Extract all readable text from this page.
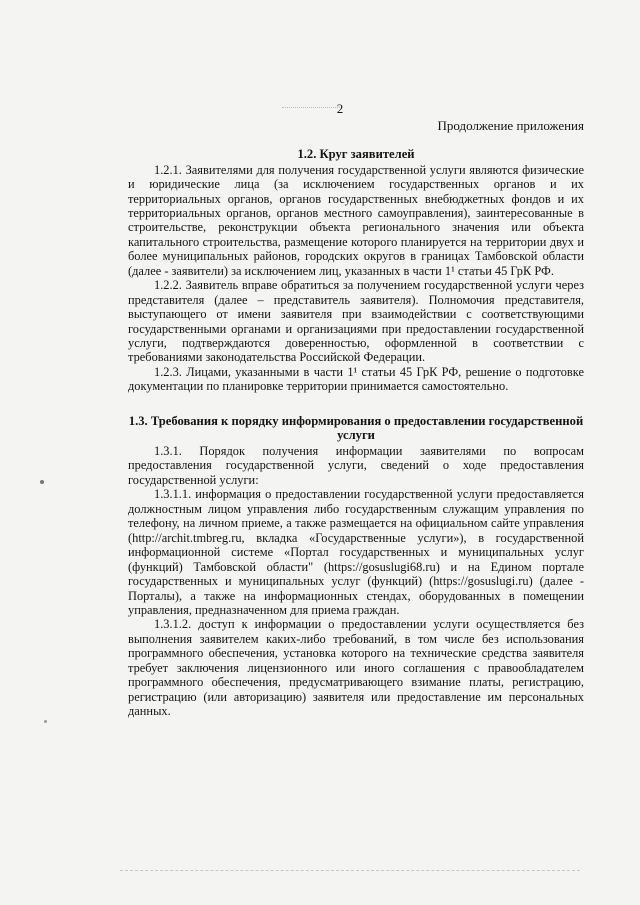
2
Продолжение приложения
1.2. Круг заявителей

1.2.1. Заявителями для получения государственной услуги являются физические и юридические лица (за исключением государственных органов и их территориальных органов, органов государственных внебюджетных фондов и их территориальных органов, органов местного самоуправления), заинтересованные в строительстве, реконструкции объекта регионального значения или объекта капитального строительства, размещение которого планируется на территории двух и более муниципальных районов, городских округов в границах Тамбовской области (далее - заявители) за исключением лиц, указанных в части 1¹ статьи 45 ГрК РФ.

1.2.2. Заявитель вправе обратиться за получением государственной услуги через представителя (далее – представитель заявителя). Полномочия представителя, выступающего от имени заявителя при взаимодействии с соответствующими государственными органами и организациями при предоставлении государственной услуги, подтверждаются доверенностью, оформленной в соответствии с требованиями законодательства Российской Федерации.

1.2.3. Лицами, указанными в части 1¹ статьи 45 ГрК РФ, решение о подготовке документации по планировке территории принимается самостоятельно.

1.3. Требования к порядку информирования о предоставлении государственной услуги

1.3.1. Порядок получения информации заявителями по вопросам предоставления государственной услуги, сведений о ходе предоставления государственной услуги:

1.3.1.1. информация о предоставлении государственной услуги предоставляется должностным лицом управления либо государственным служащим управления по телефону, на личном приеме, а также размещается на официальном сайте управления (http://archit.tmbreg.ru, вкладка «Государственные услуги»), в государственной информационной системе «Портал государственных и муниципальных услуг (функций) Тамбовской области" (https://gosuslugi68.ru) и на Едином портале государственных и муниципальных услуг (функций) (https://gosuslugi.ru) (далее - Порталы), а также на информационных стендах, оборудованных в помещении управления, предназначенном для приема граждан.

1.3.1.2. доступ к информации о предоставлении услуги осуществляется без выполнения заявителем каких-либо требований, в том числе без использования программного обеспечения, установка которого на технические средства заявителя требует заключения лицензионного или иного соглашения с правообладателем программного обеспечения, предусматривающего взимание платы, регистрацию, регистрацию (или авторизацию) заявителя или предоставление им персональных данных.
